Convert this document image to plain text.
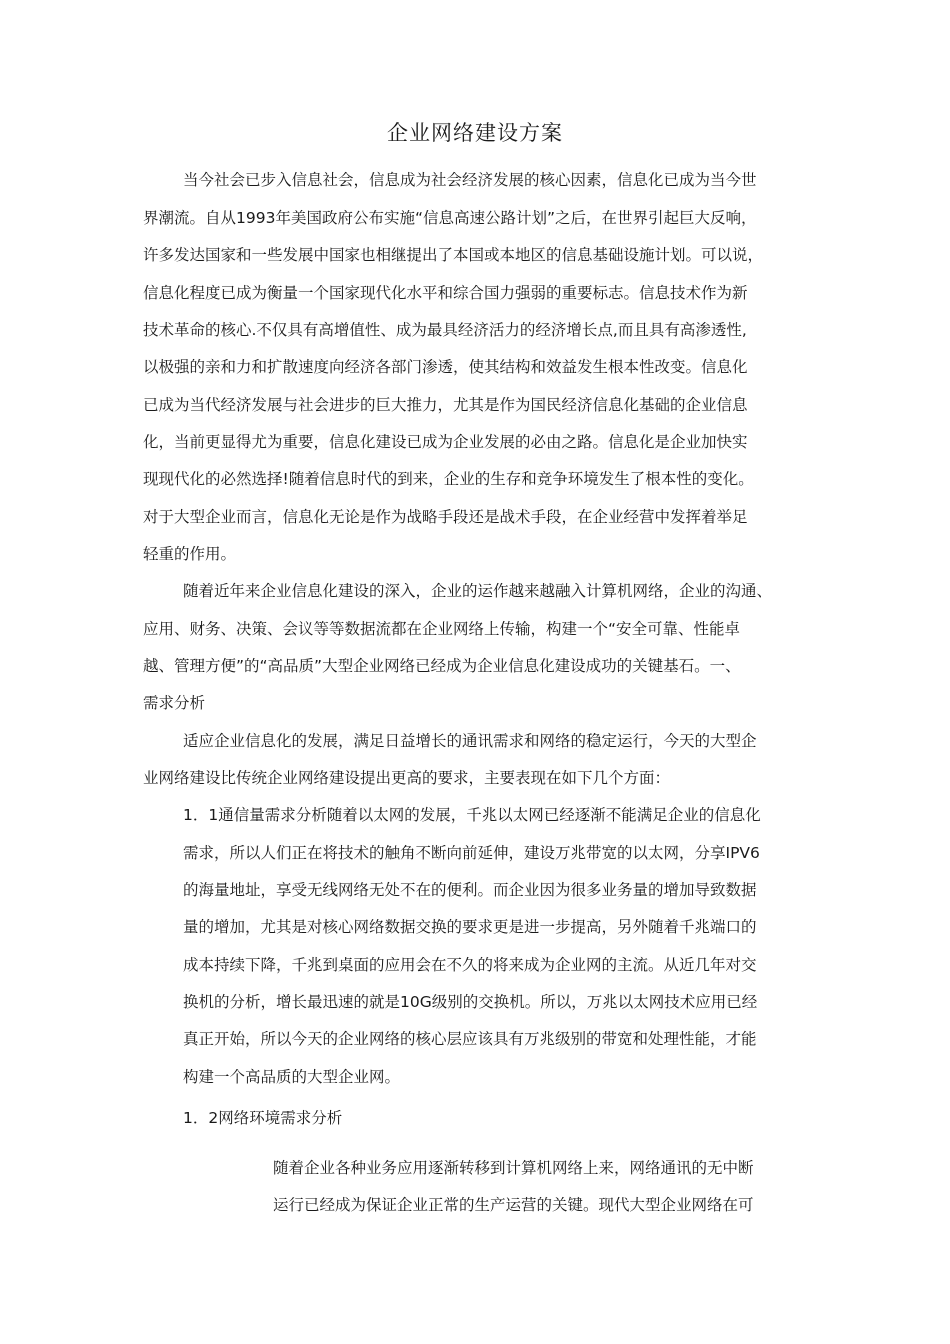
企业网络建设方案
当今社会已步入信息社会，信息成为社会经济发展的核心因素，信息化已成为当今世
界潮流。自从1993年美国政府公布实施“信息高速公路计划”之后，在世界引起巨大反响，
许多发达国家和一些发展中国家也相继提出了本国或本地区的信息基础设施计划。可以说，
信息化程度已成为衡量一个国家现代化水平和综合国力强弱的重要标志。信息技术作为新
技术革命的核心.不仅具有高增值性、成为最具经济活力的经济增长点,而且具有高渗透性,
以极强的亲和力和扩散速度向经济各部门渗透，使其结构和效益发生根本性改变。信息化
已成为当代经济发展与社会进步的巨大推力，尤其是作为国民经济信息化基础的企业信息
化，当前更显得尤为重要，信息化建设已成为企业发展的必由之路。信息化是企业加快实
现现代化的必然选择!随着信息时代的到来，企业的生存和竞争环境发生了根本性的变化。
对于大型企业而言，信息化无论是作为战略手段还是战术手段，在企业经营中发挥着举足
轻重的作用。
随着近年来企业信息化建设的深入，企业的运作越来越融入计算机网络，企业的沟通、
应用、财务、决策、会议等等数据流都在企业网络上传输，构建一个“安全可靠、性能卓
越、管理方便”的“高品质”大型企业网络已经成为企业信息化建设成功的关键基石。一、
需求分析
适应企业信息化的发展，满足日益增长的通讯需求和网络的稳定运行，今天的大型企
业网络建设比传统企业网络建设提出更高的要求，主要表现在如下几个方面：
1．1通信量需求分析随着以太网的发展，千兆以太网已经逐渐不能满足企业的信息化
需求，所以人们正在将技术的触角不断向前延伸，建设万兆带宽的以太网，分享IPV6
的海量地址，享受无线网络无处不在的便利。而企业因为很多业务量的增加导致数据
量的增加，尤其是对核心网络数据交换的要求更是进一步提高，另外随着千兆端口的
成本持续下降，千兆到桌面的应用会在不久的将来成为企业网的主流。从近几年对交
换机的分析，增长最迅速的就是10G级别的交换机。所以，万兆以太网技术应用已经
真正开始，所以今天的企业网络的核心层应该具有万兆级别的带宽和处理性能，才能
构建一个高品质的大型企业网。
1．2网络环境需求分析
随着企业各种业务应用逐渐转移到计算机网络上来，网络通讯的无中断
运行已经成为保证企业正常的生产运营的关键。现代大型企业网络在可
